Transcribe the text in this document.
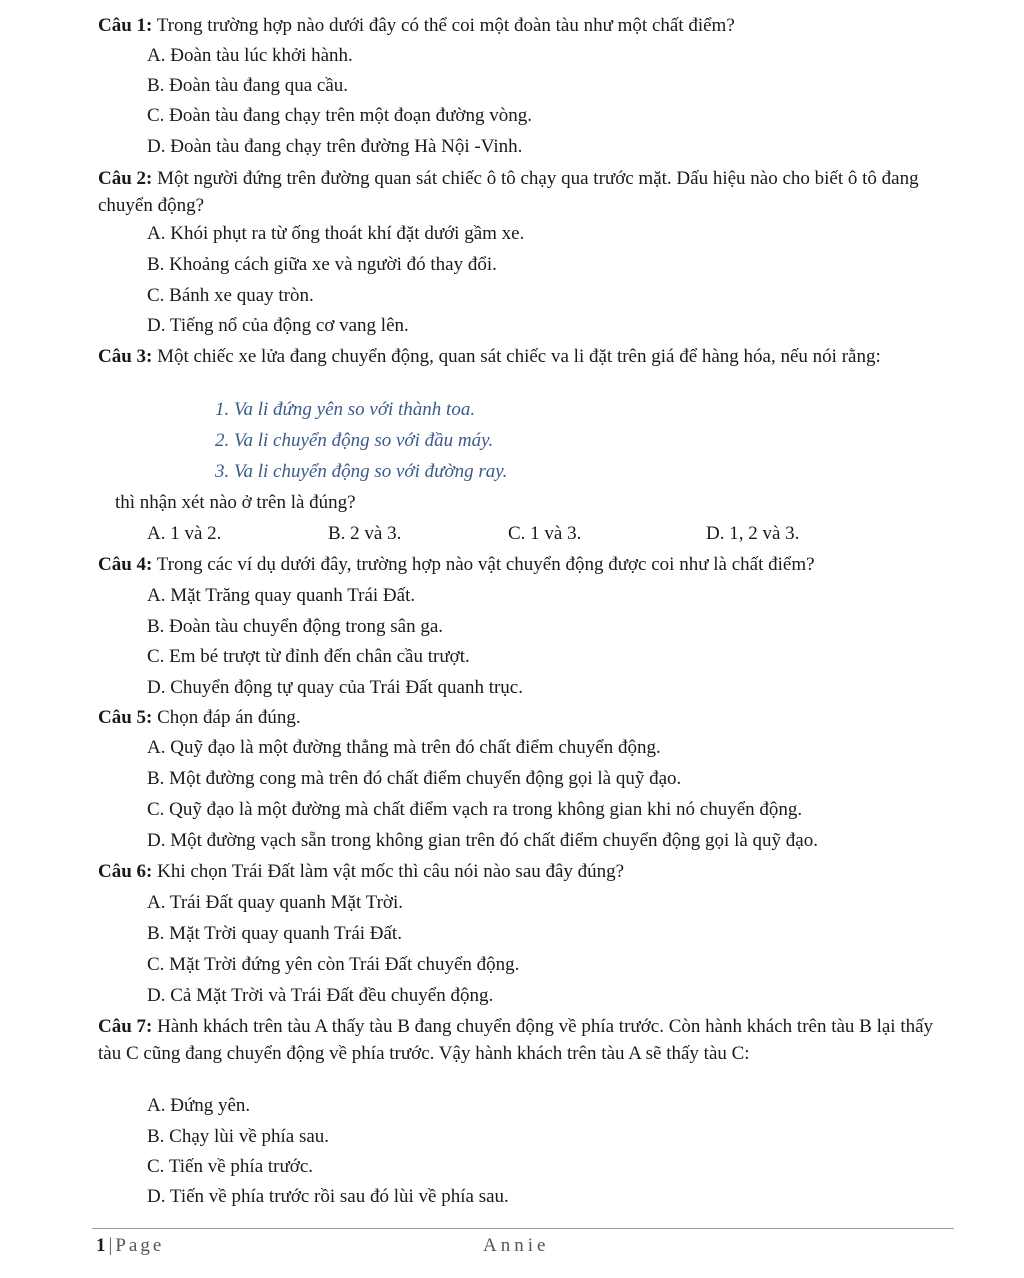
Câu 1: Trong trường hợp nào dưới đây có thể coi một đoàn tàu như một chất điểm?

A. Đoàn tàu lúc khởi hành.
B. Đoàn tàu đang qua cầu.
C. Đoàn tàu đang chạy trên một đoạn đường vòng.
D. Đoàn tàu đang chạy trên đường Hà Nội -Vinh.

Câu 2: Một người đứng trên đường quan sát chiếc ô tô chạy qua trước mặt. Dấu hiệu nào cho biết ô tô đang chuyển động?

A. Khói phụt ra từ ống thoát khí đặt dưới gầm xe.
B. Khoảng cách giữa xe và người đó thay đổi.
C. Bánh xe quay tròn.
D. Tiếng nổ của động cơ vang lên.

Câu 3: Một chiếc xe lửa đang chuyển động, quan sát chiếc va li đặt trên giá để hàng hóa, nếu nói rằng:

1. Va li đứng yên so với thành toa.
2. Va li chuyển động so với đầu máy.
3. Va li chuyển động so với đường ray.
thì nhận xét nào ở trên là đúng?
A. 1 và 2.	B. 2 và 3.	C. 1 và 3.	D. 1, 2 và 3.

Câu 4: Trong các ví dụ dưới đây, trường hợp nào vật chuyển động được coi như là chất điểm?

A. Mặt Trăng quay quanh Trái Đất.
B. Đoàn tàu chuyển động trong sân ga.
C. Em bé trượt từ đỉnh đến chân cầu trượt.
D. Chuyển động tự quay của Trái Đất quanh trục.

Câu 5: Chọn đáp án đúng.

A. Quỹ đạo là một đường thẳng mà trên đó chất điểm chuyển động.
B. Một đường cong mà trên đó chất điểm chuyển động gọi là quỹ đạo.
C. Quỹ đạo là một đường mà chất điểm vạch ra trong không gian khi nó chuyển động.
D. Một đường vạch sẵn trong không gian trên đó chất điểm chuyển động gọi là quỹ đạo.

Câu 6: Khi chọn Trái Đất làm vật mốc thì câu nói nào sau đây đúng?

A. Trái Đất quay quanh Mặt Trời.
B. Mặt Trời quay quanh Trái Đất.
C. Mặt Trời đứng yên còn Trái Đất chuyển động.
D. Cả Mặt Trời và Trái Đất đều chuyển động.

Câu 7: Hành khách trên tàu A thấy tàu B đang chuyển động về phía trước. Còn hành khách trên tàu B lại thấy tàu C cũng đang chuyển động về phía trước. Vậy hành khách trên tàu A sẽ thấy tàu C:

A. Đứng yên.
B. Chạy lùi về phía sau.
C. Tiến về phía trước.
D. Tiến về phía trước rồi sau đó lùi về phía sau.
1 | Page	Annie
